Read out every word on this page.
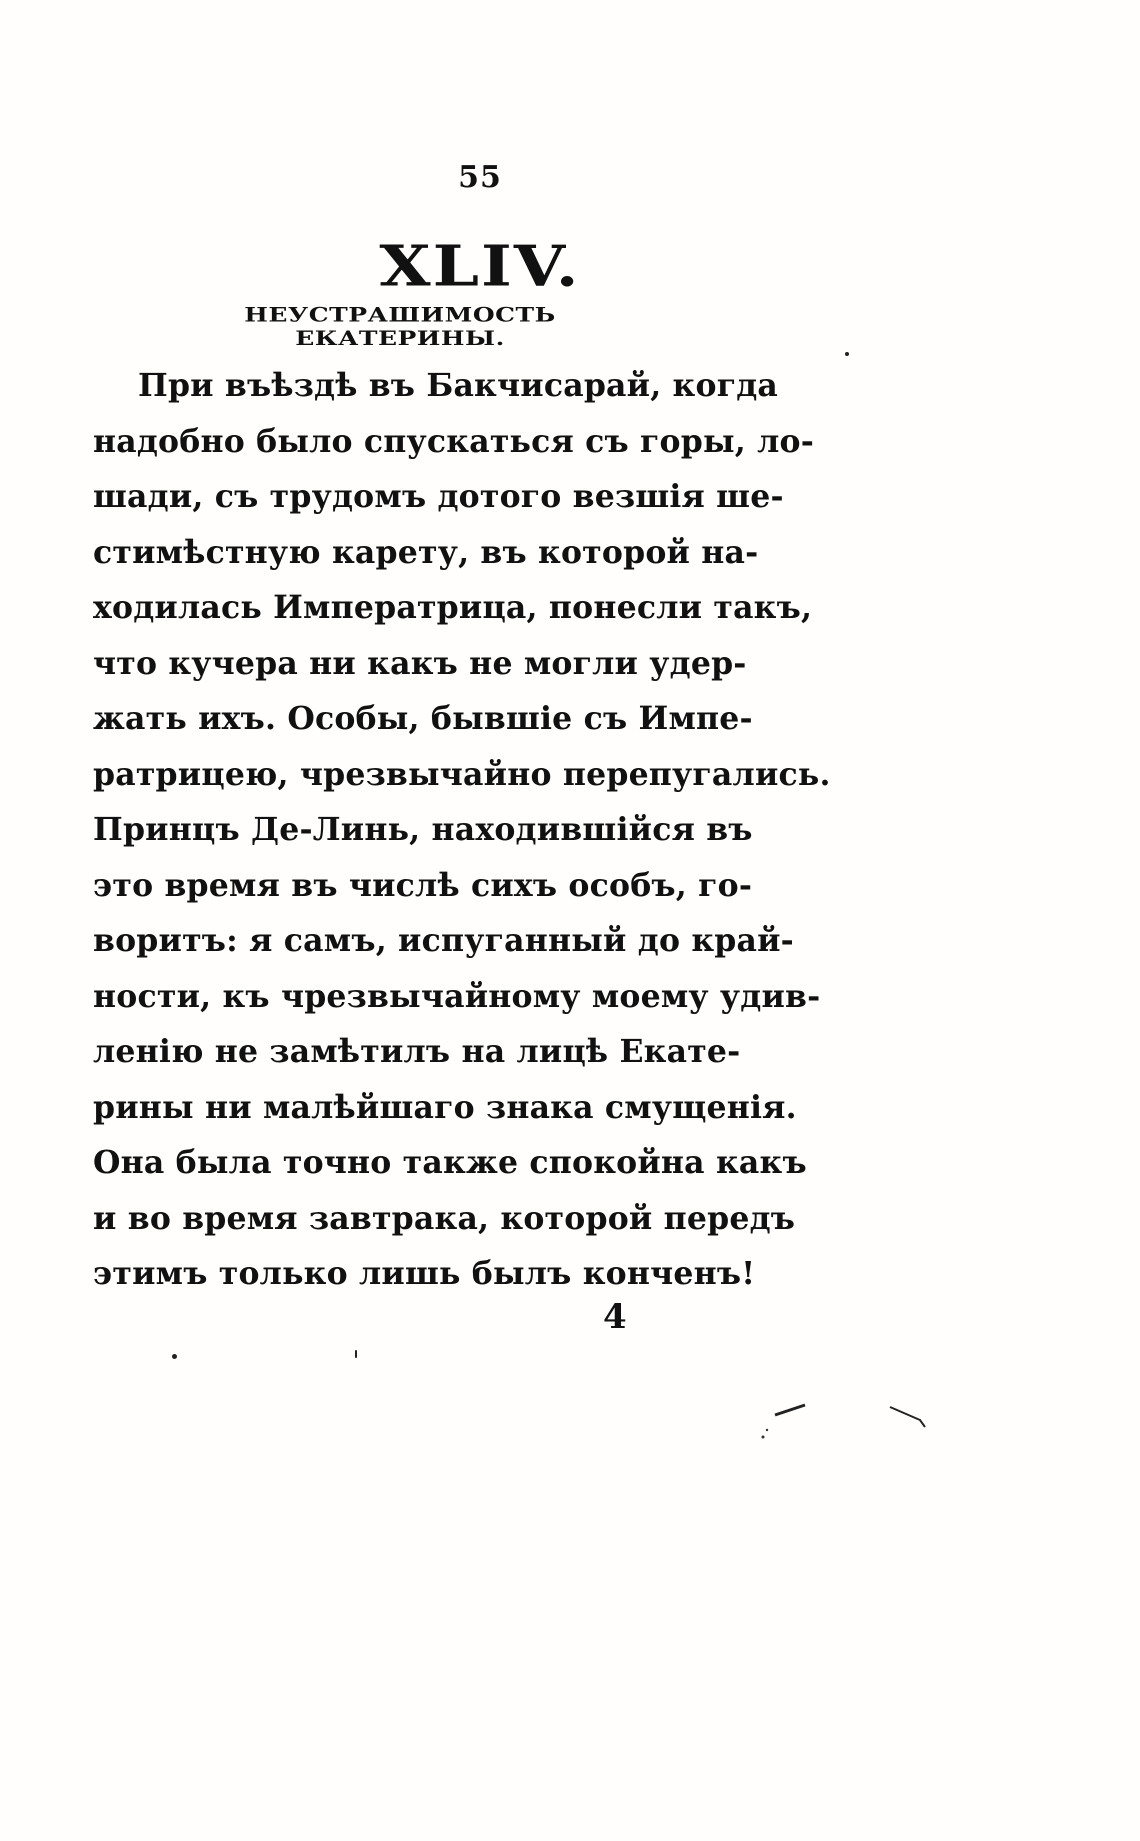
55
XLIV.
НЕУСТРАШИМОСТЬ ЕКАТЕРИНЫ.
При въѣздѣ въ Бакчисарай, когда
надобно было спускаться съ горы, ло-
шади, съ трудомъ дотого везшія ше-
стимѣстную карету, въ которой на-
ходилась Императрица, понесли такъ,
что кучера ни какъ не могли удер-
жать ихъ. Особы, бывшіе съ Импе-
ратрицею, чрезвычайно перепугались.
Принцъ Де-Линь, находившійся въ
это время въ числѣ сихъ особъ, го-
воритъ: я самъ, испуганный до край-
ности, къ чрезвычайному моему удив-
ленію не замѣтилъ на лицѣ Екате-
рины ни малѣйшаго знака смущенія.
Она была точно также спокойна какъ
и во время завтрака, которой передъ
этимъ только лишь былъ конченъ!
4
